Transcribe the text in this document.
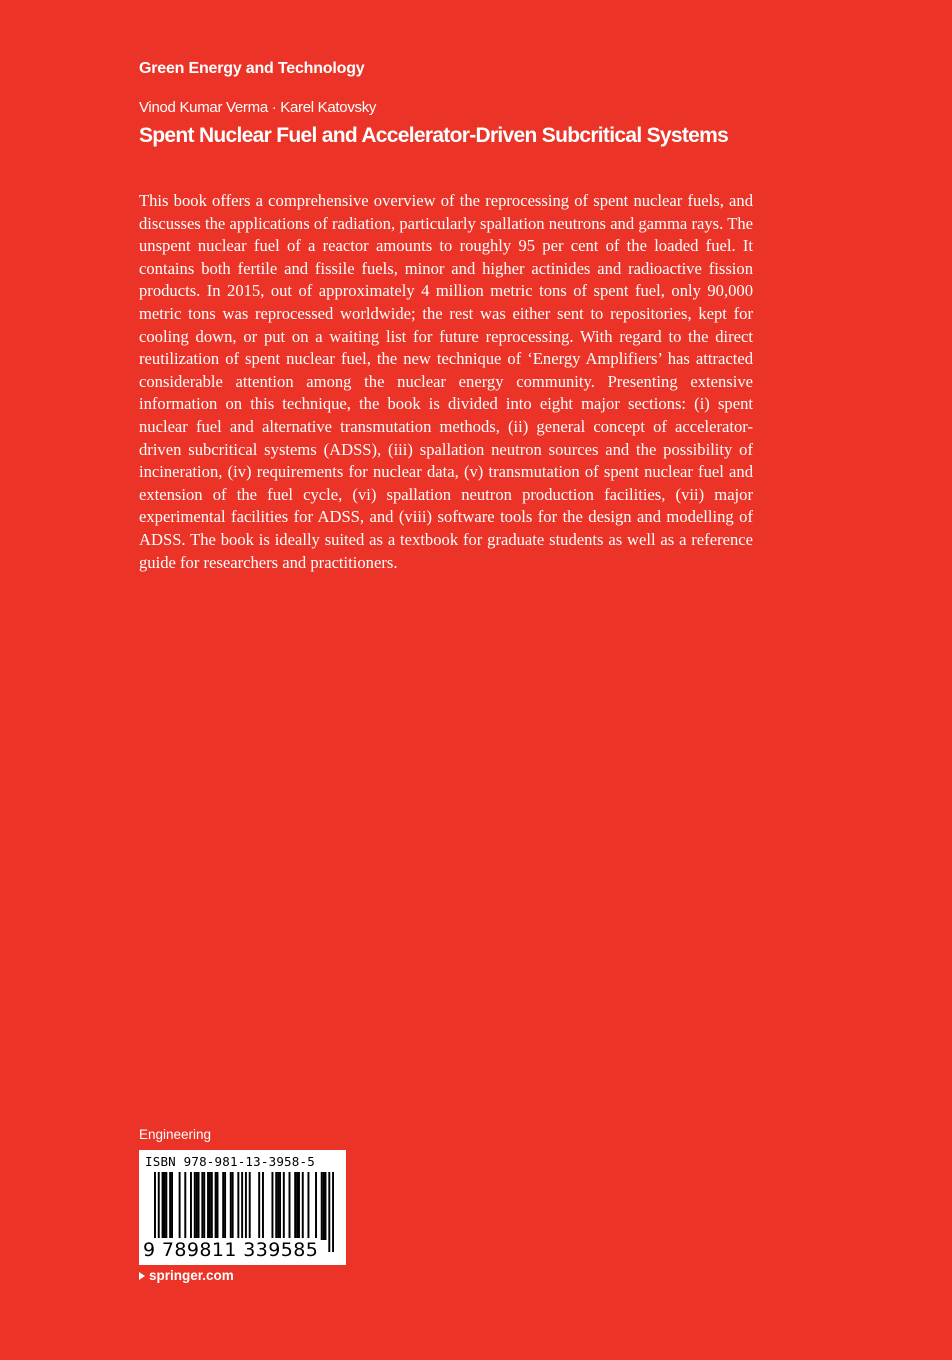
Green Energy and Technology
Vinod Kumar Verma · Karel Katovsky
Spent Nuclear Fuel and Accelerator-Driven Subcritical Systems

This book offers a comprehensive overview of the reprocessing of spent nuclear fuels, and discusses the applications of radiation, particularly spallation neutrons and gamma rays. The unspent nuclear fuel of a reactor amounts to roughly 95 per cent of the loaded fuel. It contains both fertile and fissile fuels, minor and higher actinides and radioactive fission products. In 2015, out of approximately 4 million metric tons of spent fuel, only 90,000 metric tons was reprocessed worldwide; the rest was either sent to repositories, kept for cooling down, or put on a waiting list for future reprocessing. With regard to the direct reutilization of spent nuclear fuel, the new technique of ‘Energy Amplifiers’ has attracted considerable attention among the nuclear energy community. Presenting extensive information on this technique, the book is divided into eight major sections: (i) spent nuclear fuel and alternative transmutation methods, (ii) general concept of accelerator-driven subcritical systems (ADSS), (iii) spallation neutron sources and the possibility of incineration, (iv) requirements for nuclear data, (v) transmutation of spent nuclear fuel and extension of the fuel cycle, (vi) spallation neutron production facilities, (vii) major experimental facilities for ADSS, and (viii) software tools for the design and modelling of ADSS. The book is ideally suited as a textbook for graduate students as well as a reference guide for researchers and practitioners.

Engineering
ISBN 978-981-13-3958-5
9 789811 339585
springer.com
